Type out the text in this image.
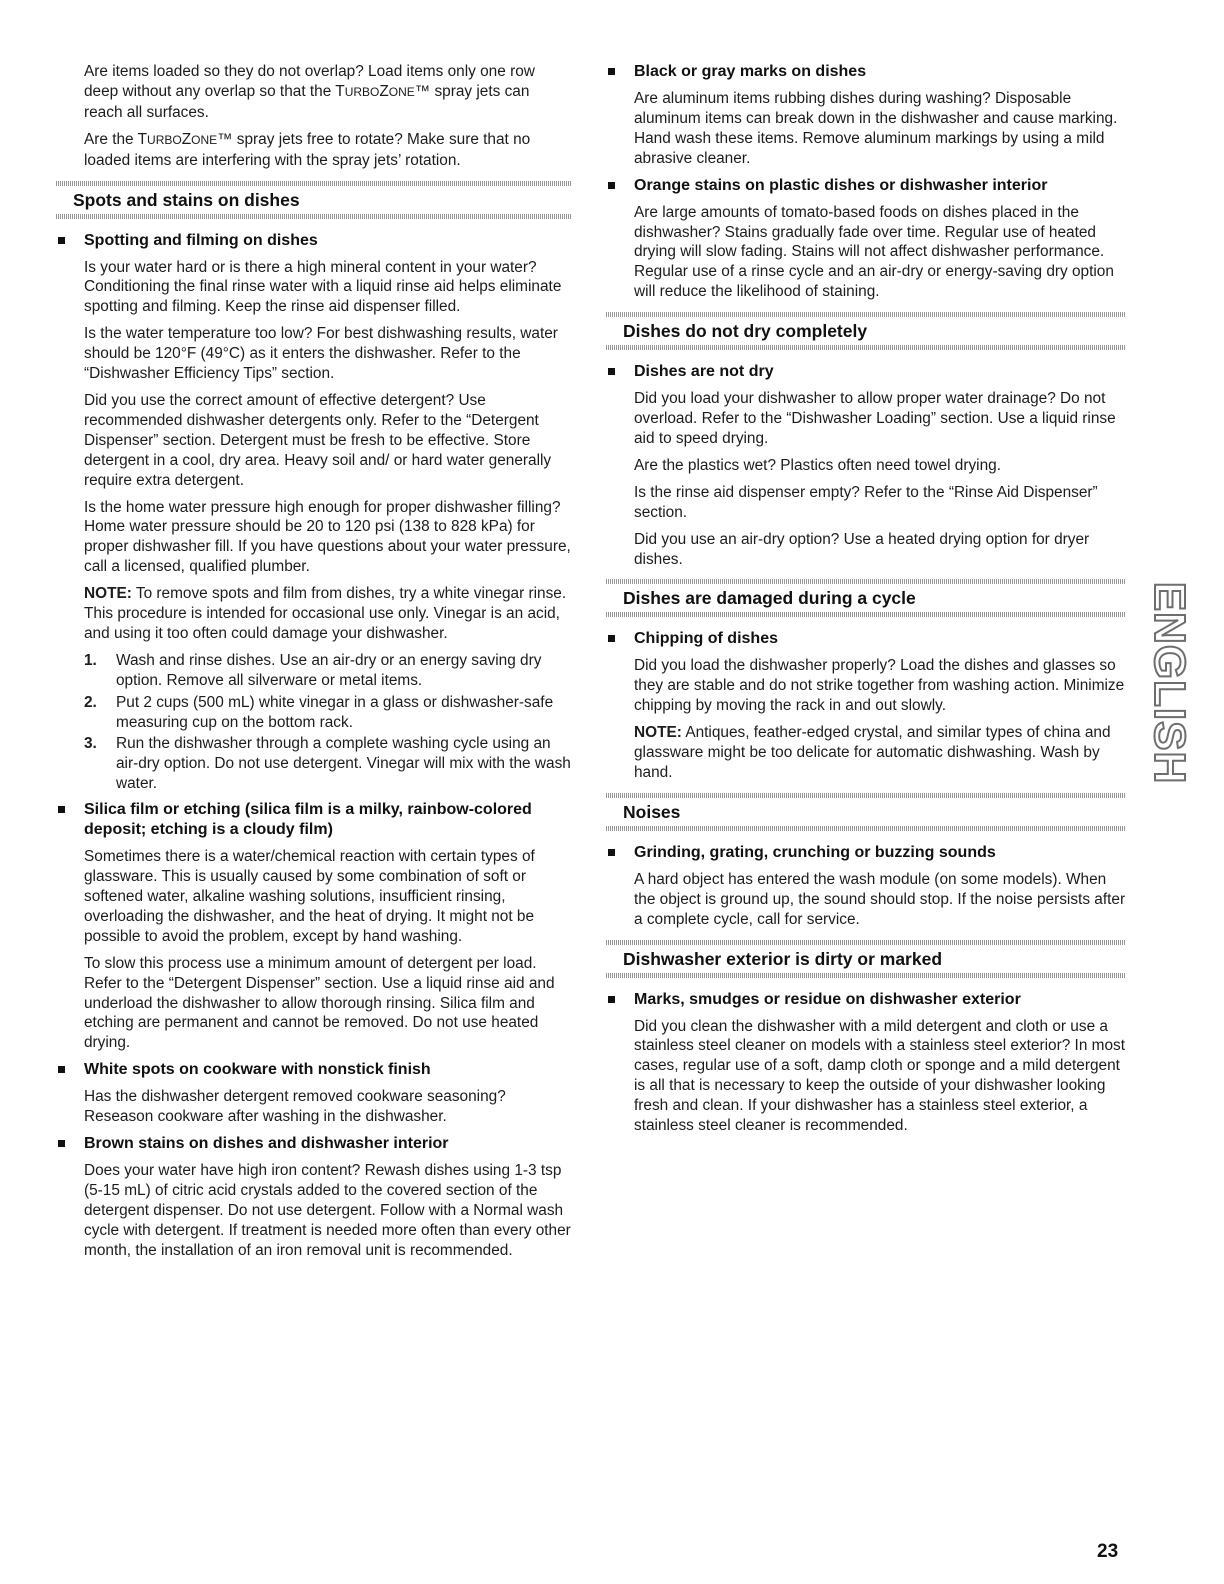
Are items loaded so they do not overlap? Load items only one row deep without any overlap so that the TURBOZONE™ spray jets can reach all surfaces.

Are the TURBOZONE™ spray jets free to rotate? Make sure that no loaded items are interfering with the spray jets’ rotation.

Spots and stains on dishes
Spotting and filming on dishes

Is your water hard or is there a high mineral content in your water? Conditioning the final rinse water with a liquid rinse aid helps eliminate spotting and filming. Keep the rinse aid dispenser filled.

Is the water temperature too low? For best dishwashing results, water should be 120°F (49°C) as it enters the dishwasher. Refer to the “Dishwasher Efficiency Tips” section.

Did you use the correct amount of effective detergent? Use recommended dishwasher detergents only. Refer to the “Detergent Dispenser” section. Detergent must be fresh to be effective. Store detergent in a cool, dry area. Heavy soil and/ or hard water generally require extra detergent.

Is the home water pressure high enough for proper dishwasher filling? Home water pressure should be 20 to 120 psi (138 to 828 kPa) for proper dishwasher fill. If you have questions about your water pressure, call a licensed, qualified plumber.

NOTE: To remove spots and film from dishes, try a white vinegar rinse. This procedure is intended for occasional use only. Vinegar is an acid, and using it too often could damage your dishwasher.

1. Wash and rinse dishes. Use an air-dry or an energy saving dry option. Remove all silverware or metal items.

2. Put 2 cups (500 mL) white vinegar in a glass or dishwasher-safe measuring cup on the bottom rack.

3. Run the dishwasher through a complete washing cycle using an air-dry option. Do not use detergent. Vinegar will mix with the wash water.

Silica film or etching (silica film is a milky, rainbow-colored deposit; etching is a cloudy film)

Sometimes there is a water/chemical reaction with certain types of glassware. This is usually caused by some combination of soft or softened water, alkaline washing solutions, insufficient rinsing, overloading the dishwasher, and the heat of drying. It might not be possible to avoid the problem, except by hand washing.

To slow this process use a minimum amount of detergent per load. Refer to the “Detergent Dispenser” section. Use a liquid rinse aid and underload the dishwasher to allow thorough rinsing. Silica film and etching are permanent and cannot be removed. Do not use heated drying.

White spots on cookware with nonstick finish

Has the dishwasher detergent removed cookware seasoning? Reseason cookware after washing in the dishwasher.

Brown stains on dishes and dishwasher interior

Does your water have high iron content? Rewash dishes using 1-3 tsp (5-15 mL) of citric acid crystals added to the covered section of the detergent dispenser. Do not use detergent. Follow with a Normal wash cycle with detergent. If treatment is needed more often than every other month, the installation of an iron removal unit is recommended.

Black or gray marks on dishes

Are aluminum items rubbing dishes during washing? Disposable aluminum items can break down in the dishwasher and cause marking. Hand wash these items. Remove aluminum markings by using a mild abrasive cleaner.

Orange stains on plastic dishes or dishwasher interior

Are large amounts of tomato-based foods on dishes placed in the dishwasher? Stains gradually fade over time. Regular use of heated drying will slow fading. Stains will not affect dishwasher performance. Regular use of a rinse cycle and an air-dry or energy-saving dry option will reduce the likelihood of staining.

Dishes do not dry completely
Dishes are not dry

Did you load your dishwasher to allow proper water drainage? Do not overload. Refer to the “Dishwasher Loading” section. Use a liquid rinse aid to speed drying.

Are the plastics wet? Plastics often need towel drying.

Is the rinse aid dispenser empty? Refer to the “Rinse Aid Dispenser” section.

Did you use an air-dry option? Use a heated drying option for dryer dishes.

Dishes are damaged during a cycle
Chipping of dishes

Did you load the dishwasher properly? Load the dishes and glasses so they are stable and do not strike together from washing action. Minimize chipping by moving the rack in and out slowly.

NOTE: Antiques, feather-edged crystal, and similar types of china and glassware might be too delicate for automatic dishwashing. Wash by hand.

Noises
Grinding, grating, crunching or buzzing sounds

A hard object has entered the wash module (on some models). When the object is ground up, the sound should stop. If the noise persists after a complete cycle, call for service.

Dishwasher exterior is dirty or marked
Marks, smudges or residue on dishwasher exterior

Did you clean the dishwasher with a mild detergent and cloth or use a stainless steel cleaner on models with a stainless steel exterior? In most cases, regular use of a soft, damp cloth or sponge and a mild detergent is all that is necessary to keep the outside of your dishwasher looking fresh and clean. If your dishwasher has a stainless steel exterior, a stainless steel cleaner is recommended.

ENGLISH
23
